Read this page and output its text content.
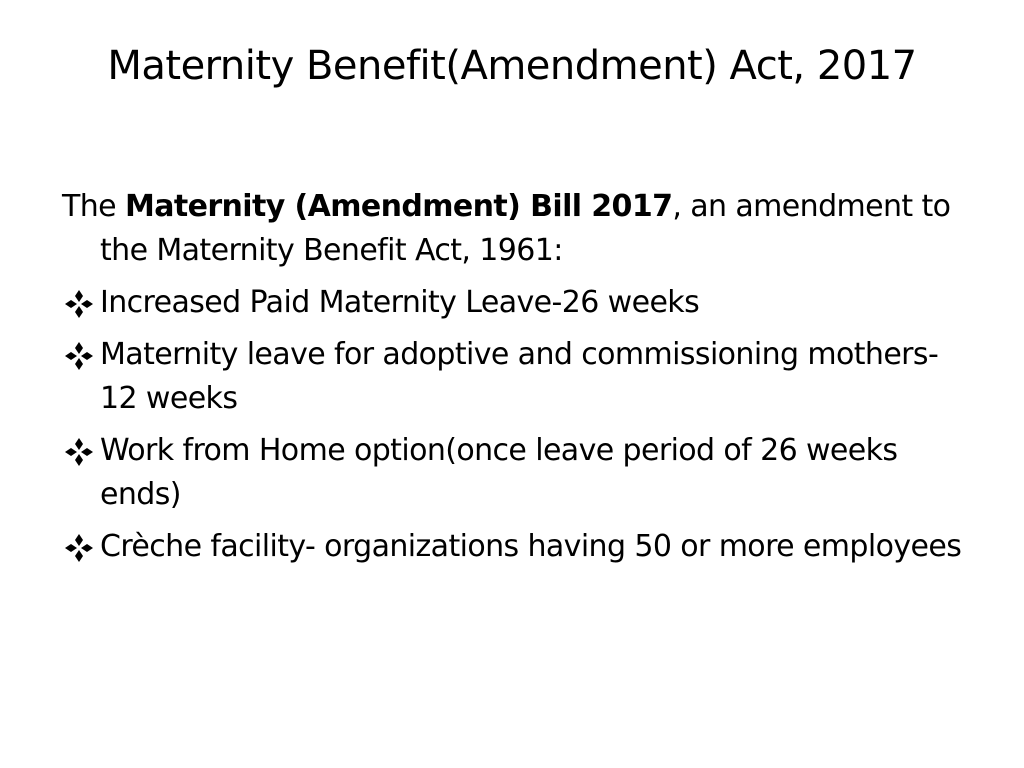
Maternity Benefit(Amendment) Act, 2017

The Maternity (Amendment) Bill 2017, an amendment to the Maternity Benefit Act, 1961:

Increased Paid Maternity Leave-26 weeks
Maternity leave for adoptive and commissioning mothers-12 weeks
Work from Home option(once leave period of 26 weeks ends)
Crèche facility- organizations having 50 or more employees
